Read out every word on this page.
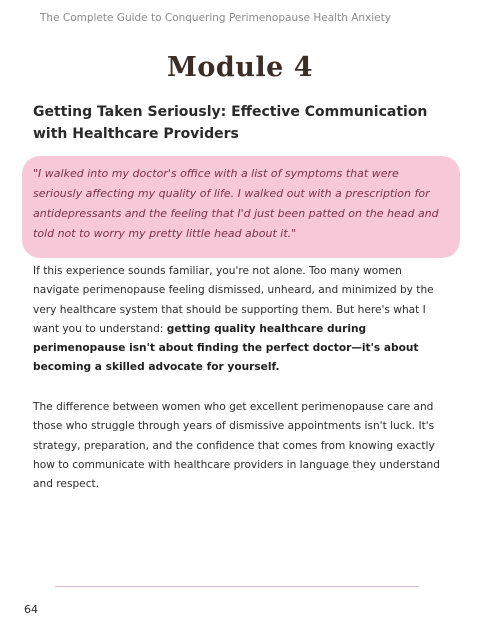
The Complete Guide to Conquering Perimenopause Health Anxiety
Module 4
Getting Taken Seriously: Effective Communication with Healthcare Providers

"I walked into my doctor's office with a list of symptoms that were seriously affecting my quality of life. I walked out with a prescription for antidepressants and the feeling that I'd just been patted on the head and told not to worry my pretty little head about it."

If this experience sounds familiar, you're not alone. Too many women navigate perimenopause feeling dismissed, unheard, and minimized by the very healthcare system that should be supporting them. But here's what I want you to understand: getting quality healthcare during perimenopause isn't about finding the perfect doctor—it's about becoming a skilled advocate for yourself.

The difference between women who get excellent perimenopause care and those who struggle through years of dismissive appointments isn't luck. It's strategy, preparation, and the confidence that comes from knowing exactly how to communicate with healthcare providers in language they understand and respect.

64
